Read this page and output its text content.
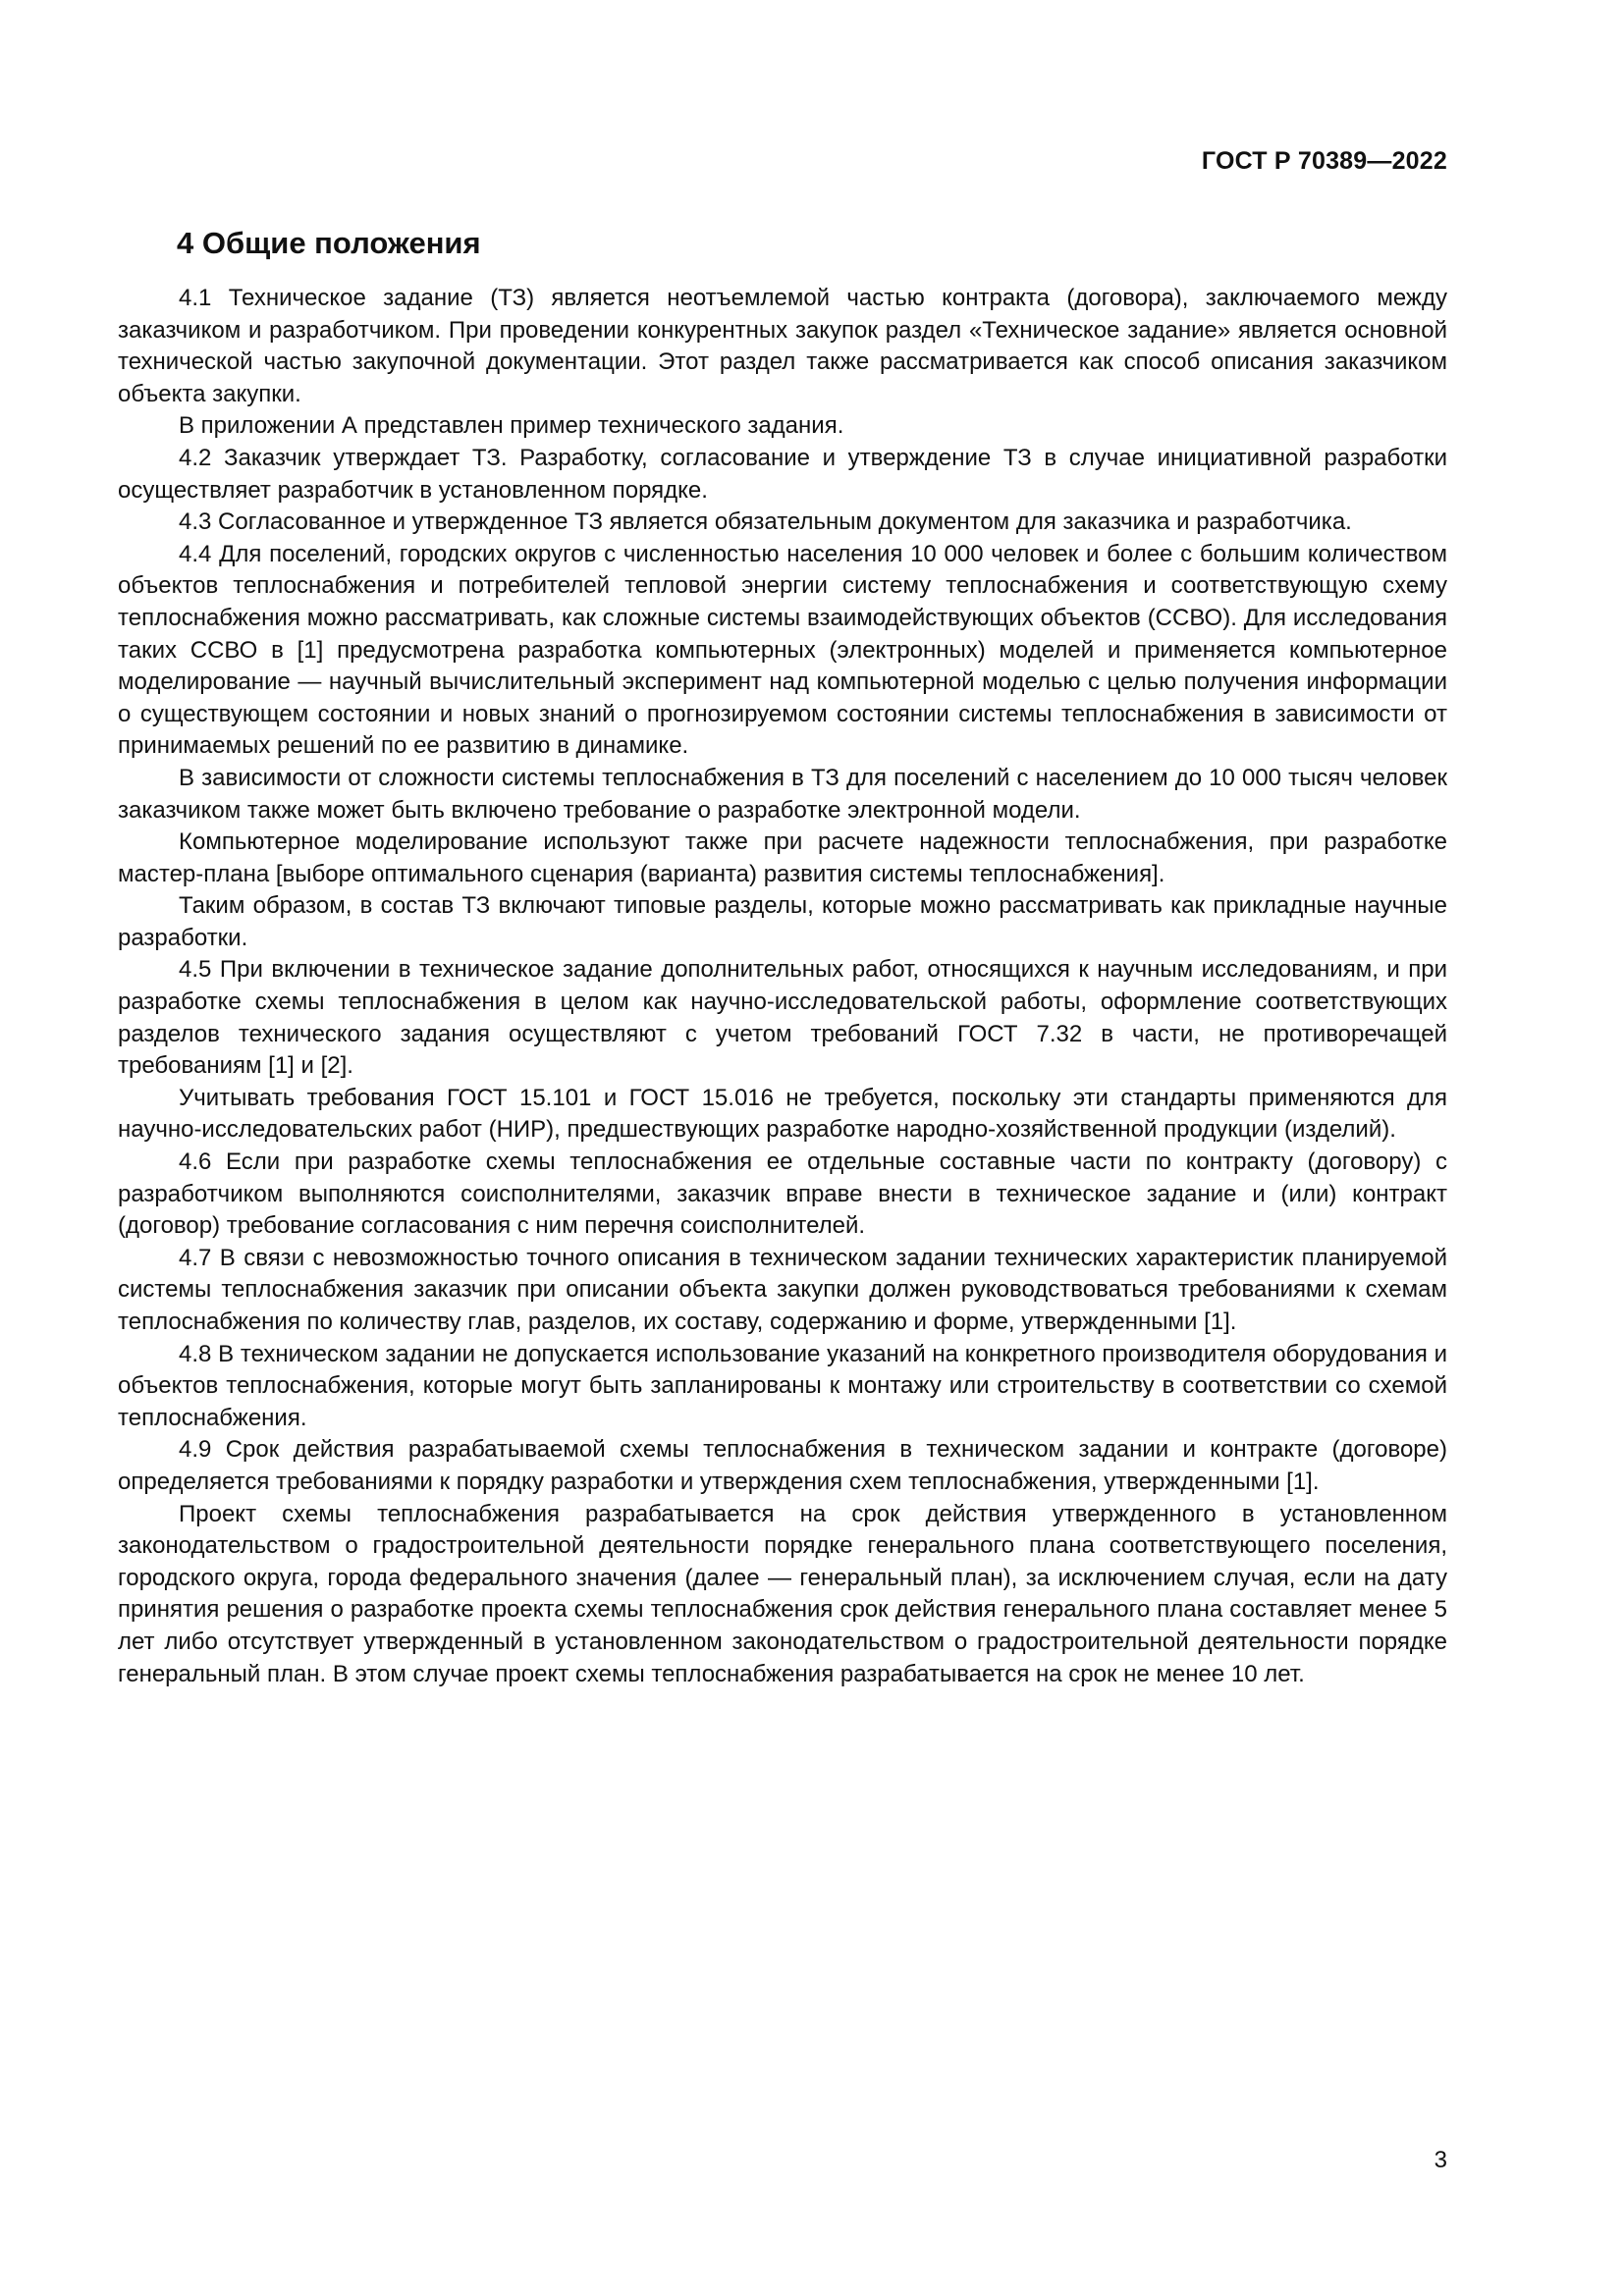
ГОСТ Р 70389—2022
4 Общие положения

4.1 Техническое задание (ТЗ) является неотъемлемой частью контракта (договора), заключаемого между заказчиком и разработчиком. При проведении конкурентных закупок раздел «Техническое задание» является основной технической частью закупочной документации. Этот раздел также рассматривается как способ описания заказчиком объекта закупки.

В приложении А представлен пример технического задания.

4.2 Заказчик утверждает ТЗ. Разработку, согласование и утверждение ТЗ в случае инициативной разработки осуществляет разработчик в установленном порядке.

4.3 Согласованное и утвержденное ТЗ является обязательным документом для заказчика и разработчика.

4.4 Для поселений, городских округов с численностью населения 10 000 человек и более с большим количеством объектов теплоснабжения и потребителей тепловой энергии систему теплоснабжения и соответствующую схему теплоснабжения можно рассматривать, как сложные системы взаимодействующих объектов (ССВО). Для исследования таких ССВО в [1] предусмотрена разработка компьютерных (электронных) моделей и применяется компьютерное моделирование — научный вычислительный эксперимент над компьютерной моделью с целью получения информации о существующем состоянии и новых знаний о прогнозируемом состоянии системы теплоснабжения в зависимости от принимаемых решений по ее развитию в динамике.

В зависимости от сложности системы теплоснабжения в ТЗ для поселений с населением до 10 000 тысяч человек заказчиком также может быть включено требование о разработке электронной модели.

Компьютерное моделирование используют также при расчете надежности теплоснабжения, при разработке мастер-плана [выборе оптимального сценария (варианта) развития системы теплоснабжения].

Таким образом, в состав ТЗ включают типовые разделы, которые можно рассматривать как прикладные научные разработки.

4.5 При включении в техническое задание дополнительных работ, относящихся к научным исследованиям, и при разработке схемы теплоснабжения в целом как научно-исследовательской работы, оформление соответствующих разделов технического задания осуществляют с учетом требований ГОСТ 7.32 в части, не противоречащей требованиям [1] и [2].

Учитывать требования ГОСТ 15.101 и ГОСТ 15.016 не требуется, поскольку эти стандарты применяются для научно-исследовательских работ (НИР), предшествующих разработке народно-хозяйственной продукции (изделий).

4.6 Если при разработке схемы теплоснабжения ее отдельные составные части по контракту (договору) с разработчиком выполняются соисполнителями, заказчик вправе внести в техническое задание и (или) контракт (договор) требование согласования с ним перечня соисполнителей.

4.7 В связи с невозможностью точного описания в техническом задании технических характеристик планируемой системы теплоснабжения заказчик при описании объекта закупки должен руководствоваться требованиями к схемам теплоснабжения по количеству глав, разделов, их составу, содержанию и форме, утвержденными [1].

4.8 В техническом задании не допускается использование указаний на конкретного производителя оборудования и объектов теплоснабжения, которые могут быть запланированы к монтажу или строительству в соответствии со схемой теплоснабжения.

4.9 Срок действия разрабатываемой схемы теплоснабжения в техническом задании и контракте (договоре) определяется требованиями к порядку разработки и утверждения схем теплоснабжения, утвержденными [1].

Проект схемы теплоснабжения разрабатывается на срок действия утвержденного в установленном законодательством о градостроительной деятельности порядке генерального плана соответствующего поселения, городского округа, города федерального значения (далее — генеральный план), за исключением случая, если на дату принятия решения о разработке проекта схемы теплоснабжения срок действия генерального плана составляет менее 5 лет либо отсутствует утвержденный в установленном законодательством о градостроительной деятельности порядке генеральный план. В этом случае проект схемы теплоснабжения разрабатывается на срок не менее 10 лет.

3
